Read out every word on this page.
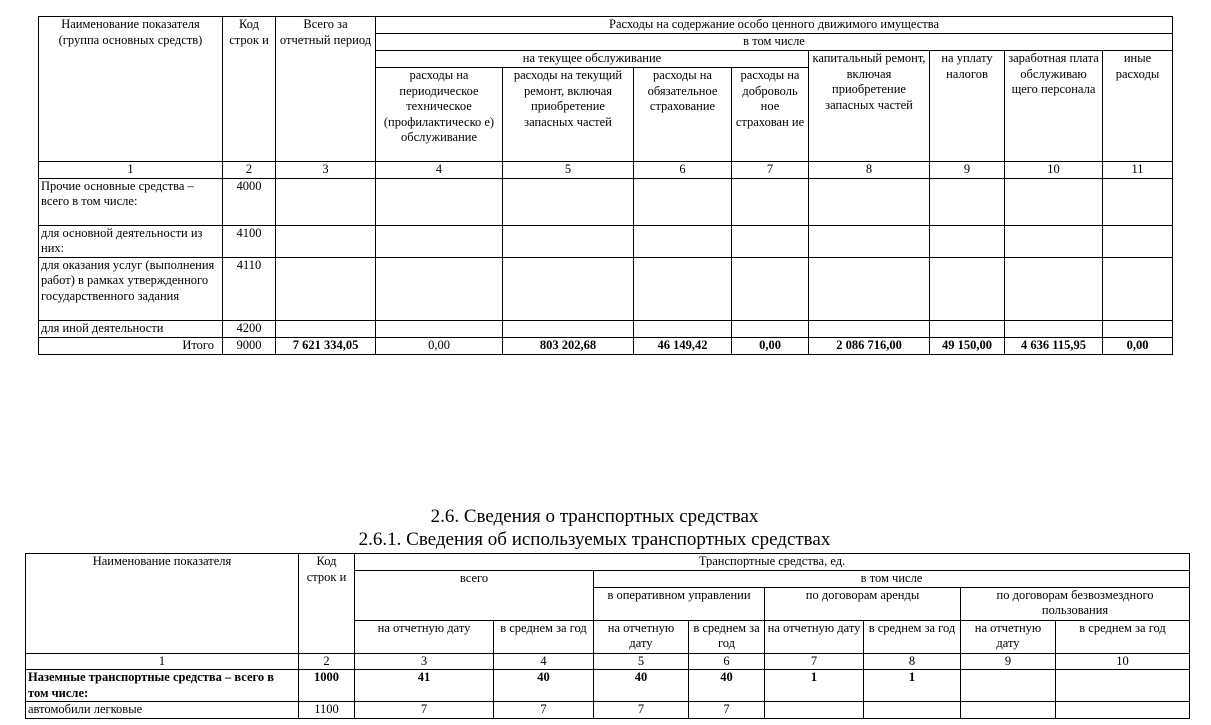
Наименование показателя (группа основных средств)	Код строк и	Всего за отчетный период	Расходы на содержание особо ценного движимого имущества							
			в том числе							
			на текущее обслуживание				капитальный ремонт, включая приобретение запасных частей	на уплату налогов	заработная плата обслуживаю щего персонала	иные расходы
			расходы на периодическое техническое (профилактическо е) обслуживание	расходы на текущий ремонт, включая приобретение запасных частей	расходы на обязательное страхование	расходы на доброволь ное страхован ие				
1	2	3	4	5	6	7	8	9	10	11
Прочие основные средства – всего в том числе:	4000									
для основной деятельности из них:	4100									
для оказания услуг (выполнения работ) в рамках утвержденного государственного задания	4110									
для иной деятельности	4200									
Итого	9000	7 621 334,05	0,00	803 202,68	46 149,42	0,00	2 086 716,00	49 150,00	4 636 115,95	0,00
2.6. Сведения о транспортных средствах
2.6.1. Сведения об используемых транспортных средствах
Наименование показателя	Код строк и	Транспортные средства, ед.							
		всего		в том числе					
				в оперативном управлении		по договорам аренды		по договорам безвозмездного пользования	
		на отчетную дату	в среднем за год	на отчетную дату	в среднем за год	на отчетную дату	в среднем за год	на отчетную дату	в среднем за год
1	2	3	4	5	6	7	8	9	10
Наземные транспортные средства – всего в том числе:	1000	41	40	40	40	1	1		
автомобили легковые	1100	7	7	7	7				
